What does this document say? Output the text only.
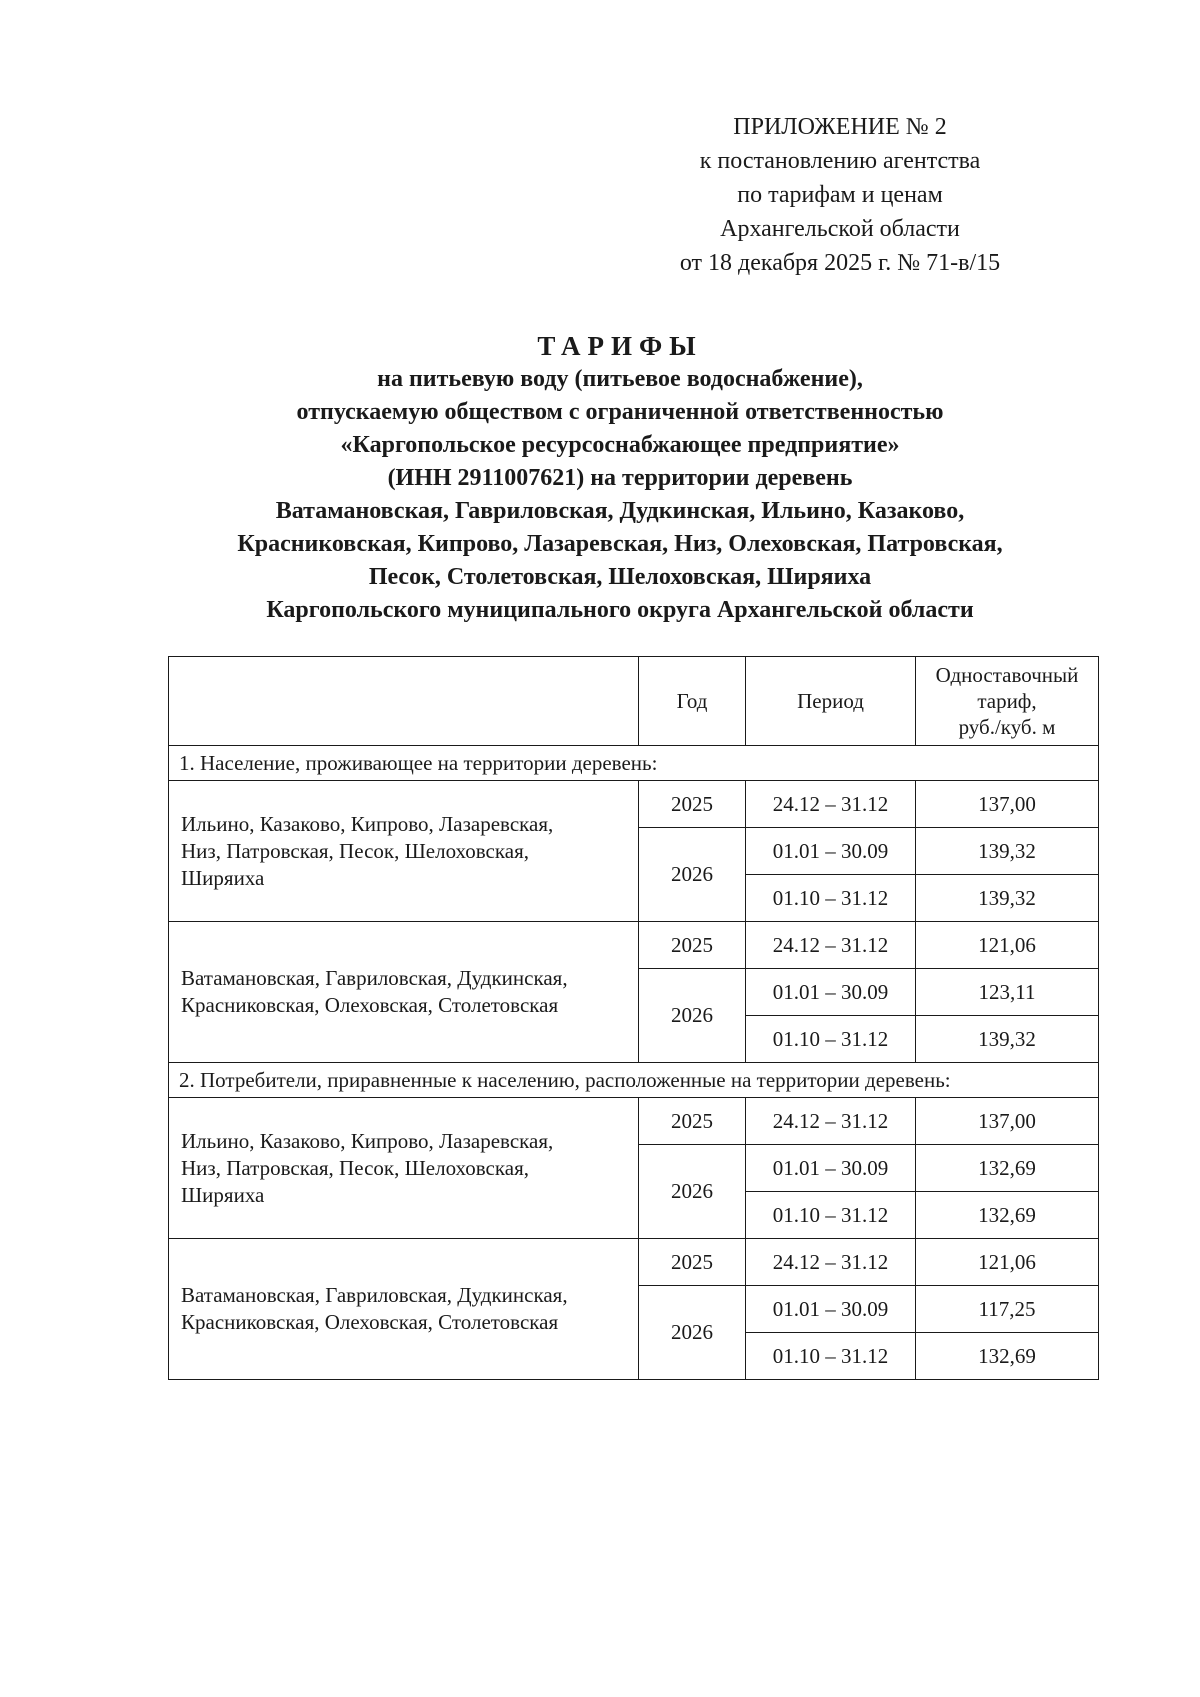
ПРИЛОЖЕНИЕ № 2
к постановлению агентства
по тарифам и ценам
Архангельской области
от 18 декабря 2025 г. № 71-в/15
ТАРИФЫ
на питьевую воду (питьевое водоснабжение),
отпускаемую обществом с ограниченной ответственностью
«Каргопольское ресурсоснабжающее предприятие»
(ИНН 2911007621) на территории деревень
Ватамановская, Гавриловская, Дудкинская, Ильино, Казаково,
Красниковская, Кипрово, Лазаревская, Низ, Олеховская, Патровская,
Песок, Столетовская, Шелоховская, Ширяиха
Каргопольского муниципального округа Архангельской области
	Год	Период	Одноставочный
тариф,
руб./куб. м

1. Население, проживающее на территории деревень:			

Ильино, Казаково, Кипрово, Лазаревская,
Низ, Патровская, Песок, Шелоховская,
Ширяиха	2025	24.12 – 31.12	137,00
	2026	01.01 – 30.09	139,32
		01.10 – 31.12	139,32

Ватамановская, Гавриловская, Дудкинская,
Красниковская, Олеховская, Столетовская	2025	24.12 – 31.12	121,06
	2026	01.01 – 30.09	123,11
		01.10 – 31.12	139,32
2. Потребители, приравненные к населению, расположенные на территории деревень:			

Ильино, Казаково, Кипрово, Лазаревская,
Низ, Патровская, Песок, Шелоховская,
Ширяиха	2025	24.12 – 31.12	137,00
	2026	01.01 – 30.09	132,69
		01.10 – 31.12	132,69

Ватамановская, Гавриловская, Дудкинская,
Красниковская, Олеховская, Столетовская	2025	24.12 – 31.12	121,06
	2026	01.01 – 30.09	117,25
		01.10 – 31.12	132,69
